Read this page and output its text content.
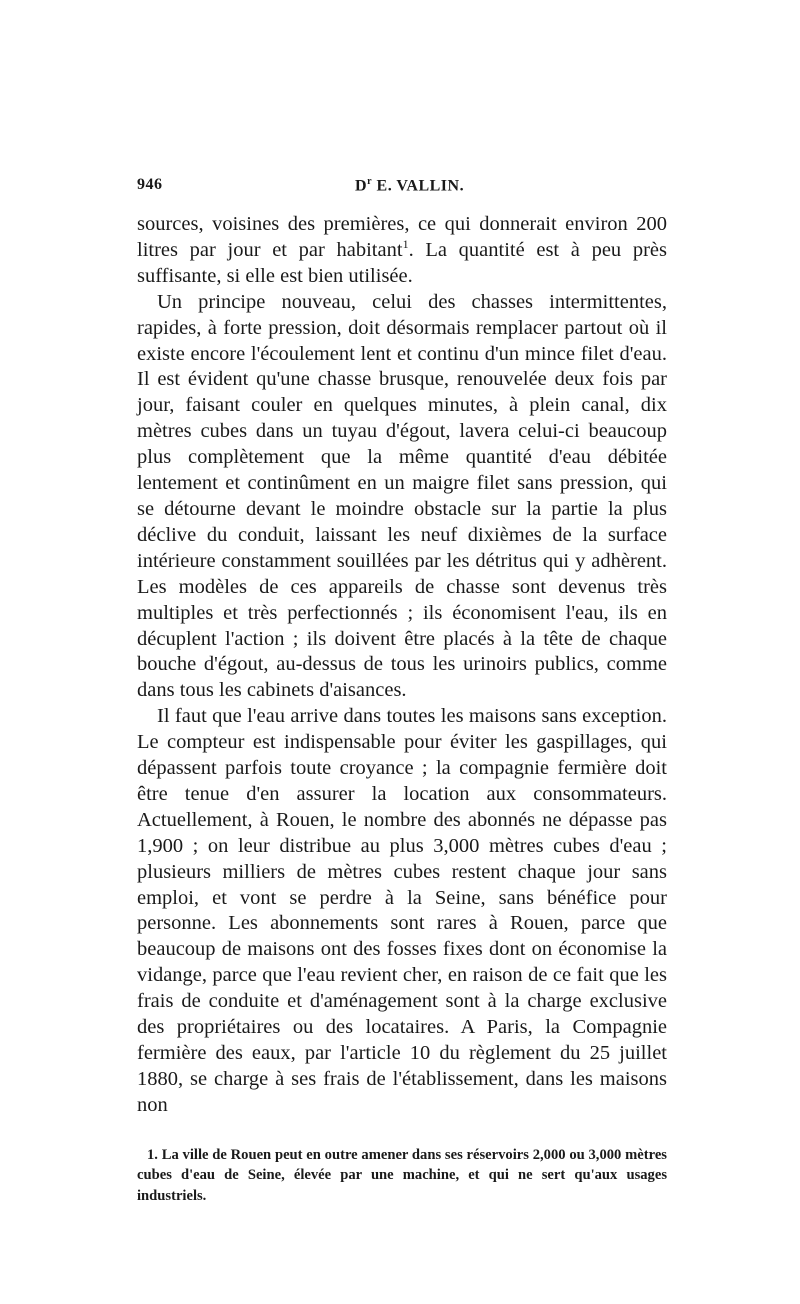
946	$D^r$ E. VALLIN.

sources, voisines des premières, ce qui donnerait environ 200 litres par jour et par habitant$^1$. La quantité est à peu près suffisante, si elle est bien utilisée.

Un principe nouveau, celui des chasses intermittentes, rapides, à forte pression, doit désormais remplacer partout où il existe encore l'écoulement lent et continu d'un mince filet d'eau. Il est évident qu'une chasse brusque, renouvelée deux fois par jour, faisant couler en quelques minutes, à plein canal, dix mètres cubes dans un tuyau d'égout, lavera celui-ci beaucoup plus complètement que la même quantité d'eau débitée lentement et continûment en un maigre filet sans pression, qui se détourne devant le moindre obstacle sur la partie la plus déclive du conduit, laissant les neuf dixièmes de la surface intérieure constamment souillées par les détritus qui y adhèrent. Les modèles de ces appareils de chasse sont devenus très multiples et très perfectionnés ; ils économisent l'eau, ils en décuplent l'action ; ils doivent être placés à la tête de chaque bouche d'égout, au-dessus de tous les urinoirs publics, comme dans tous les cabinets d'aisances.

Il faut que l'eau arrive dans toutes les maisons sans exception. Le compteur est indispensable pour éviter les gaspillages, qui dépassent parfois toute croyance ; la compagnie fermière doit être tenue d'en assurer la location aux consommateurs. Actuellement, à Rouen, le nombre des abonnés ne dépasse pas 1,900 ; on leur distribue au plus 3,000 mètres cubes d'eau ; plusieurs milliers de mètres cubes restent chaque jour sans emploi, et vont se perdre à la Seine, sans bénéfice pour personne. Les abonnements sont rares à Rouen, parce que beaucoup de maisons ont des fosses fixes dont on économise la vidange, parce que l'eau revient cher, en raison de ce fait que les frais de conduite et d'aménagement sont à la charge exclusive des propriétaires ou des locataires. A Paris, la Compagnie fermière des eaux, par l'article 10 du règlement du 25 juillet 1880, se charge à ses frais de l'établissement, dans les maisons non

1. La ville de Rouen peut en outre amener dans ses réservoirs 2,000 ou 3,000 mètres cubes d'eau de Seine, élevée par une machine, et qui ne sert qu'aux usages industriels.
